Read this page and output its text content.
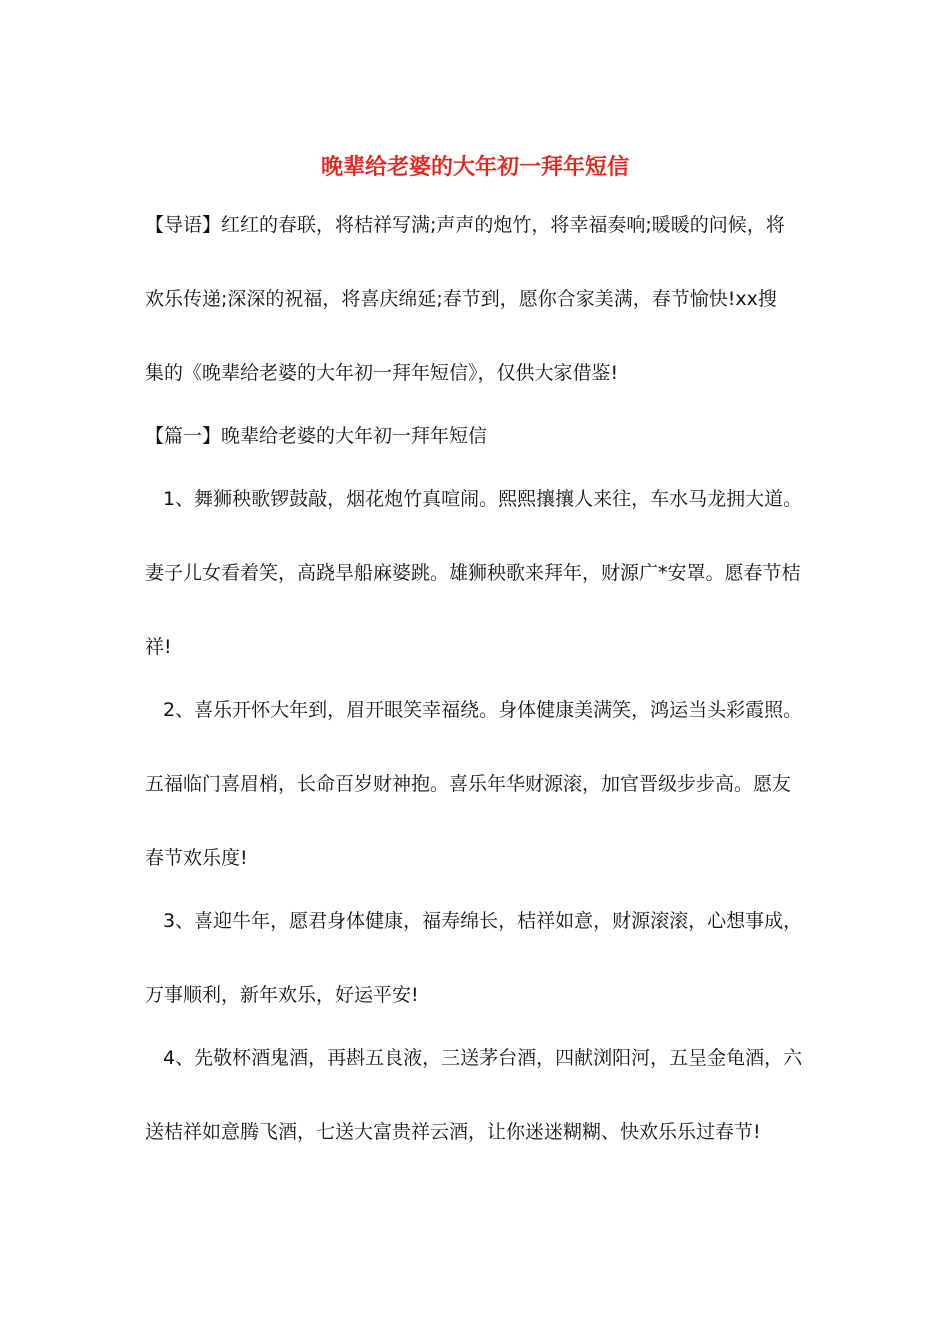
晚辈给老婆的大年初一拜年短信
【导语】红红的春联，将桔祥写满;声声的炮竹，将幸福奏响;暖暖的问候，将
欢乐传递;深深的祝福，将喜庆绵延;春节到，愿你合家美满，春节愉快!xx搜
集的《晚辈给老婆的大年初一拜年短信》，仅供大家借鉴!
【篇一】晚辈给老婆的大年初一拜年短信
1、舞狮秧歌锣鼓敲，烟花炮竹真喧闹。熙熙攘攘人来往，车水马龙拥大道。
妻子儿女看着笑，高跷旱船麻婆跳。雄狮秧歌来拜年，财源广*安罩。愿春节桔
祥!
2、喜乐开怀大年到，眉开眼笑幸福绕。身体健康美满笑，鸿运当头彩霞照。
五福临门喜眉梢，长命百岁财神抱。喜乐年华财源滚，加官晋级步步高。愿友
春节欢乐度!
3、喜迎牛年，愿君身体健康，福寿绵长，桔祥如意，财源滚滚，心想事成，
万事顺利，新年欢乐，好运平安!
4、先敬杯酒鬼酒，再斟五良液，三送茅台酒，四献浏阳河，五呈金龟酒，六
送桔祥如意腾飞酒，七送大富贵祥云酒，让你迷迷糊糊、快欢乐乐过春节!
